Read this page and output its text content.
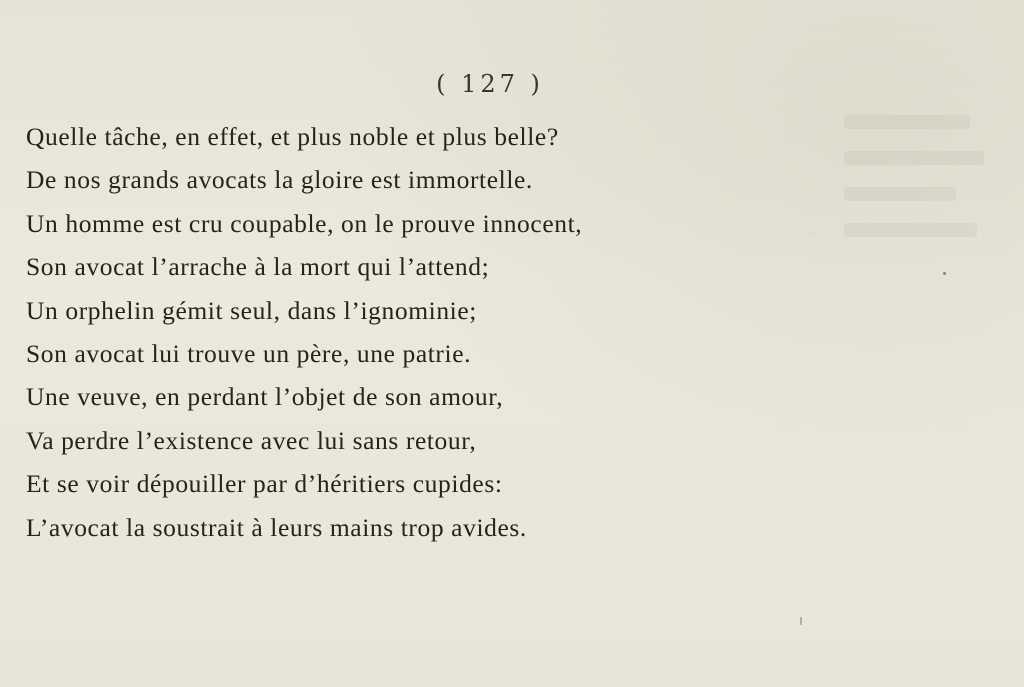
( 127 )
Quelle tâche, en effet, et plus noble et plus belle?
De nos grands avocats la gloire est immortelle.
Un homme est cru coupable, on le prouve innocent,
Son avocat l’arrache à la mort qui l’attend;
Un orphelin gémit seul, dans l’ignominie;
Son avocat lui trouve un père, une patrie.
Une veuve, en perdant l’objet de son amour,
Va perdre l’existence avec lui sans retour,
Et se voir dépouiller par d’héritiers cupides:
L’avocat la soustrait à leurs mains trop avides.
